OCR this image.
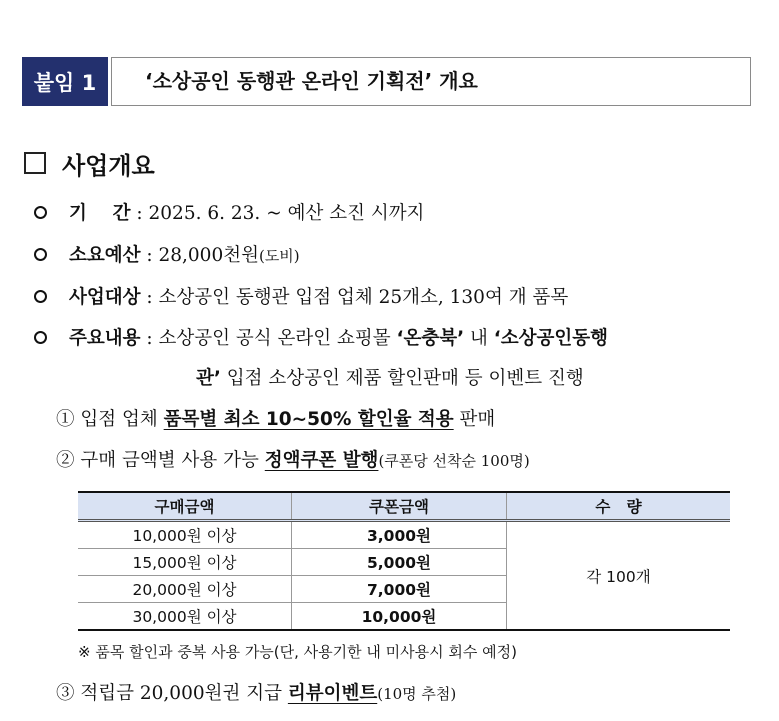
붙임 1	‘소상공인 동행관 온라인 기획전’ 개요
사업개요
기    간 : 2025. 6. 23. ~ 예산 소진 시까지
소요예산 : 28,000천원(도비)
사업대상 : 소상공인 동행관 입점 업체 25개소, 130여 개 품목
주요내용 : 소상공인 공식 온라인 쇼핑몰 ‘온충북’ 내 ‘소상공인동행
관’ 입점 소상공인 제품 할인판매 등 이벤트 진행
① 입점 업체 품목별 최소 10~50% 할인율 적용 판매
② 구매 금액별 사용 가능 정액쿠폰 발행(쿠폰당 선착순 100명)
구매금액	쿠폰금액	수   량
10,000원 이상	3,000원	각 100개
15,000원 이상	5,000원	
20,000원 이상	7,000원	
30,000원 이상	10,000원	
※ 품목 할인과 중복 사용 가능(단, 사용기한 내 미사용시 회수 예정)
③ 적립금 20,000원권 지급 리뷰이벤트(10명 추첨)
